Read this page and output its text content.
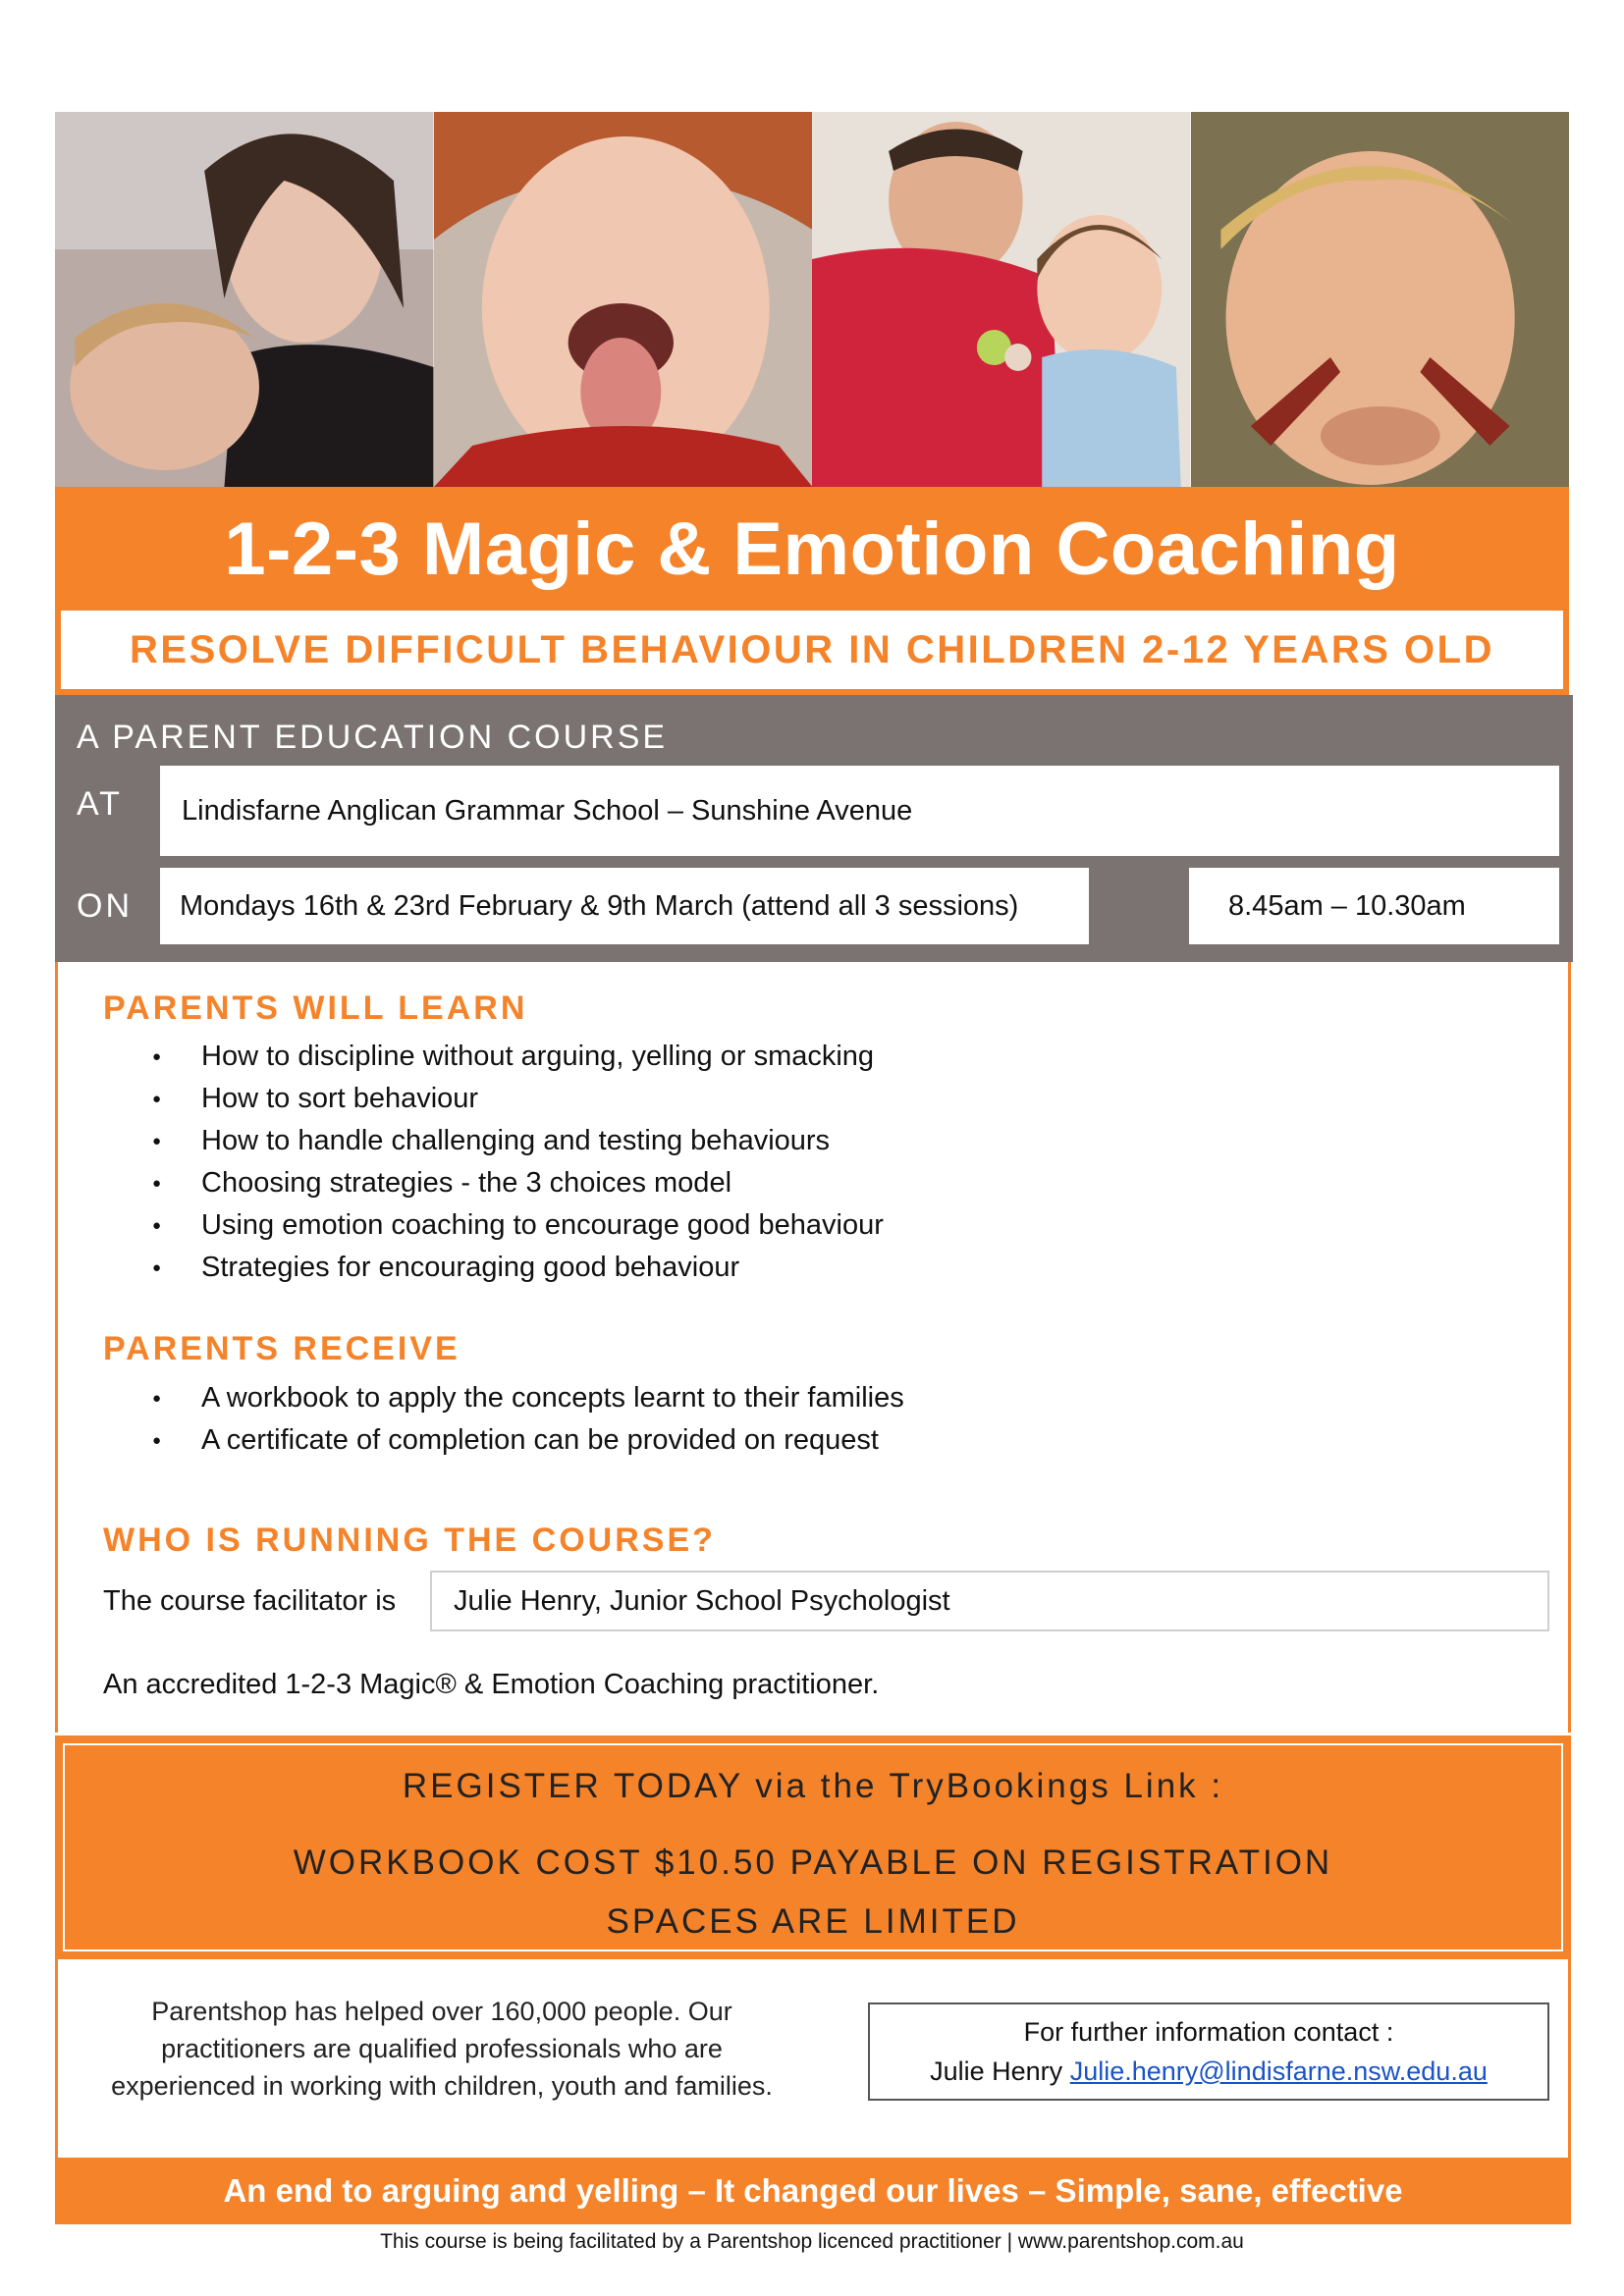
1-2-3 Magic & Emotion Coaching
RESOLVE DIFFICULT BEHAVIOUR IN CHILDREN 2-12 YEARS OLD
A PARENT EDUCATION COURSE
AT Lindisfarne Anglican Grammar School – Sunshine Avenue
ON Mondays 16th & 23rd February & 9th March (attend all 3 sessions)	8.45am – 10.30am
PARENTS WILL LEARN
● How to discipline without arguing, yelling or smacking
● How to sort behaviour
● How to handle challenging and testing behaviours
● Choosing strategies - the 3 choices model
● Using emotion coaching to encourage good behaviour
● Strategies for encouraging good behaviour
PARENTS RECEIVE
● A workbook to apply the concepts learnt to their families
● A certificate of completion can be provided on request
WHO IS RUNNING THE COURSE?
The course facilitator is Julie Henry, Junior School Psychologist
An accredited 1-2-3 Magic® & Emotion Coaching practitioner.
REGISTER TODAY via the TryBookings Link :
WORKBOOK COST $10.50 PAYABLE ON REGISTRATION
SPACES ARE LIMITED
Parentshop has helped over 160,000 people. Our
practitioners are qualified professionals who are
experienced in working with children, youth and families.
For further information contact :
Julie Henry Julie.henry@lindisfarne.nsw.edu.au
An end to arguing and yelling – It changed our lives – Simple, sane, effective
This course is being facilitated by a Parentshop licenced practitioner | www.parentshop.com.au
